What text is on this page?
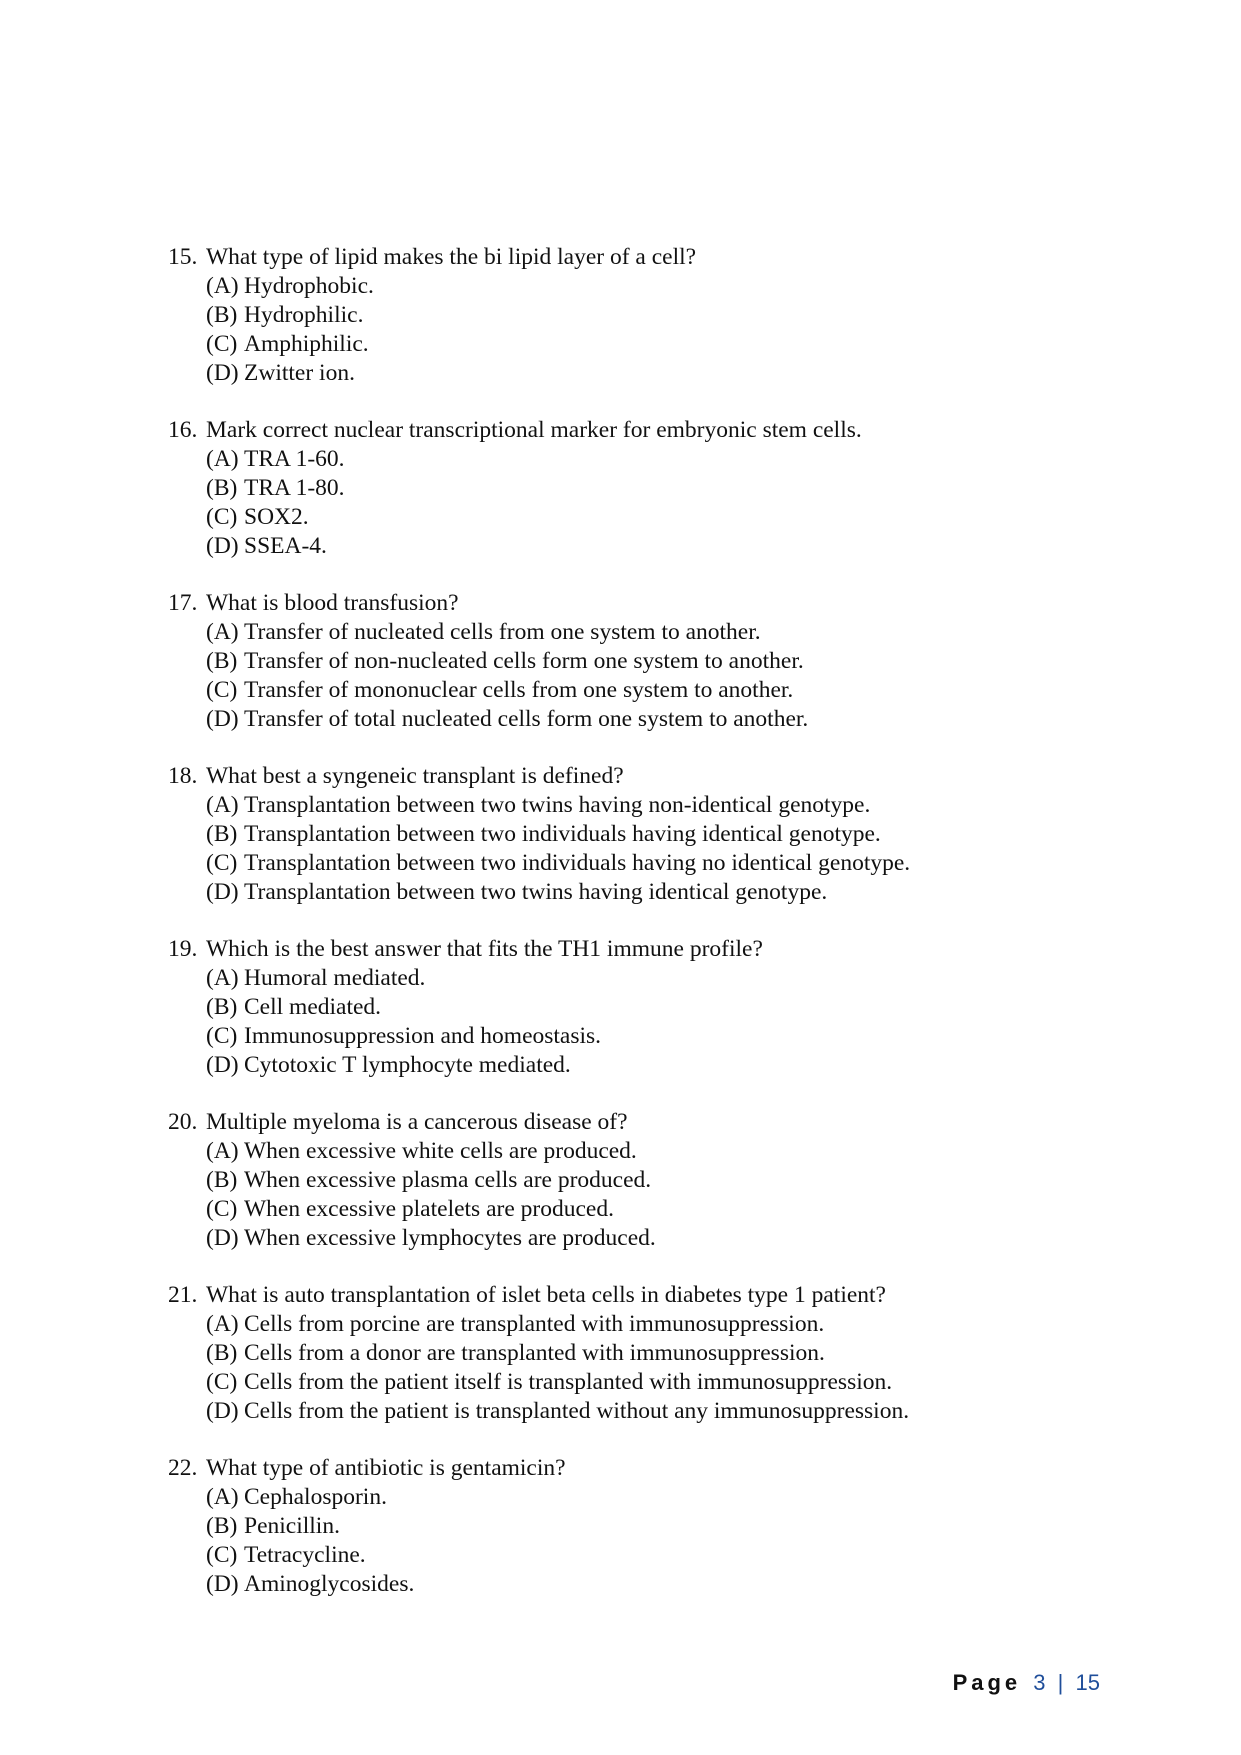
15. What type of lipid makes the bi lipid layer of a cell?
(A) Hydrophobic.
(B) Hydrophilic.
(C) Amphiphilic.
(D) Zwitter ion.
16. Mark correct nuclear transcriptional marker for embryonic stem cells.
(A) TRA 1-60.
(B) TRA 1-80.
(C) SOX2.
(D) SSEA-4.
17. What is blood transfusion?
(A) Transfer of nucleated cells from one system to another.
(B) Transfer of non-nucleated cells form one system to another.
(C) Transfer of mononuclear cells from one system to another.
(D) Transfer of total nucleated cells form one system to another.
18. What best a syngeneic transplant is defined?
(A) Transplantation between two twins having non-identical genotype.
(B) Transplantation between two individuals having identical genotype.
(C) Transplantation between two individuals having no identical genotype.
(D) Transplantation between two twins having identical genotype.
19. Which is the best answer that fits the TH1 immune profile?
(A) Humoral mediated.
(B) Cell mediated.
(C) Immunosuppression and homeostasis.
(D) Cytotoxic T lymphocyte mediated.
20. Multiple myeloma is a cancerous disease of?
(A) When excessive white cells are produced.
(B) When excessive plasma cells are produced.
(C) When excessive platelets are produced.
(D) When excessive lymphocytes are produced.
21. What is auto transplantation of islet beta cells in diabetes type 1 patient?
(A) Cells from porcine are transplanted with immunosuppression.
(B) Cells from a donor are transplanted with immunosuppression.
(C) Cells from the patient itself is transplanted with immunosuppression.
(D) Cells from the patient is transplanted without any immunosuppression.
22. What type of antibiotic is gentamicin?
(A) Cephalosporin.
(B) Penicillin.
(C) Tetracycline.
(D) Aminoglycosides.
Page 3 | 15
